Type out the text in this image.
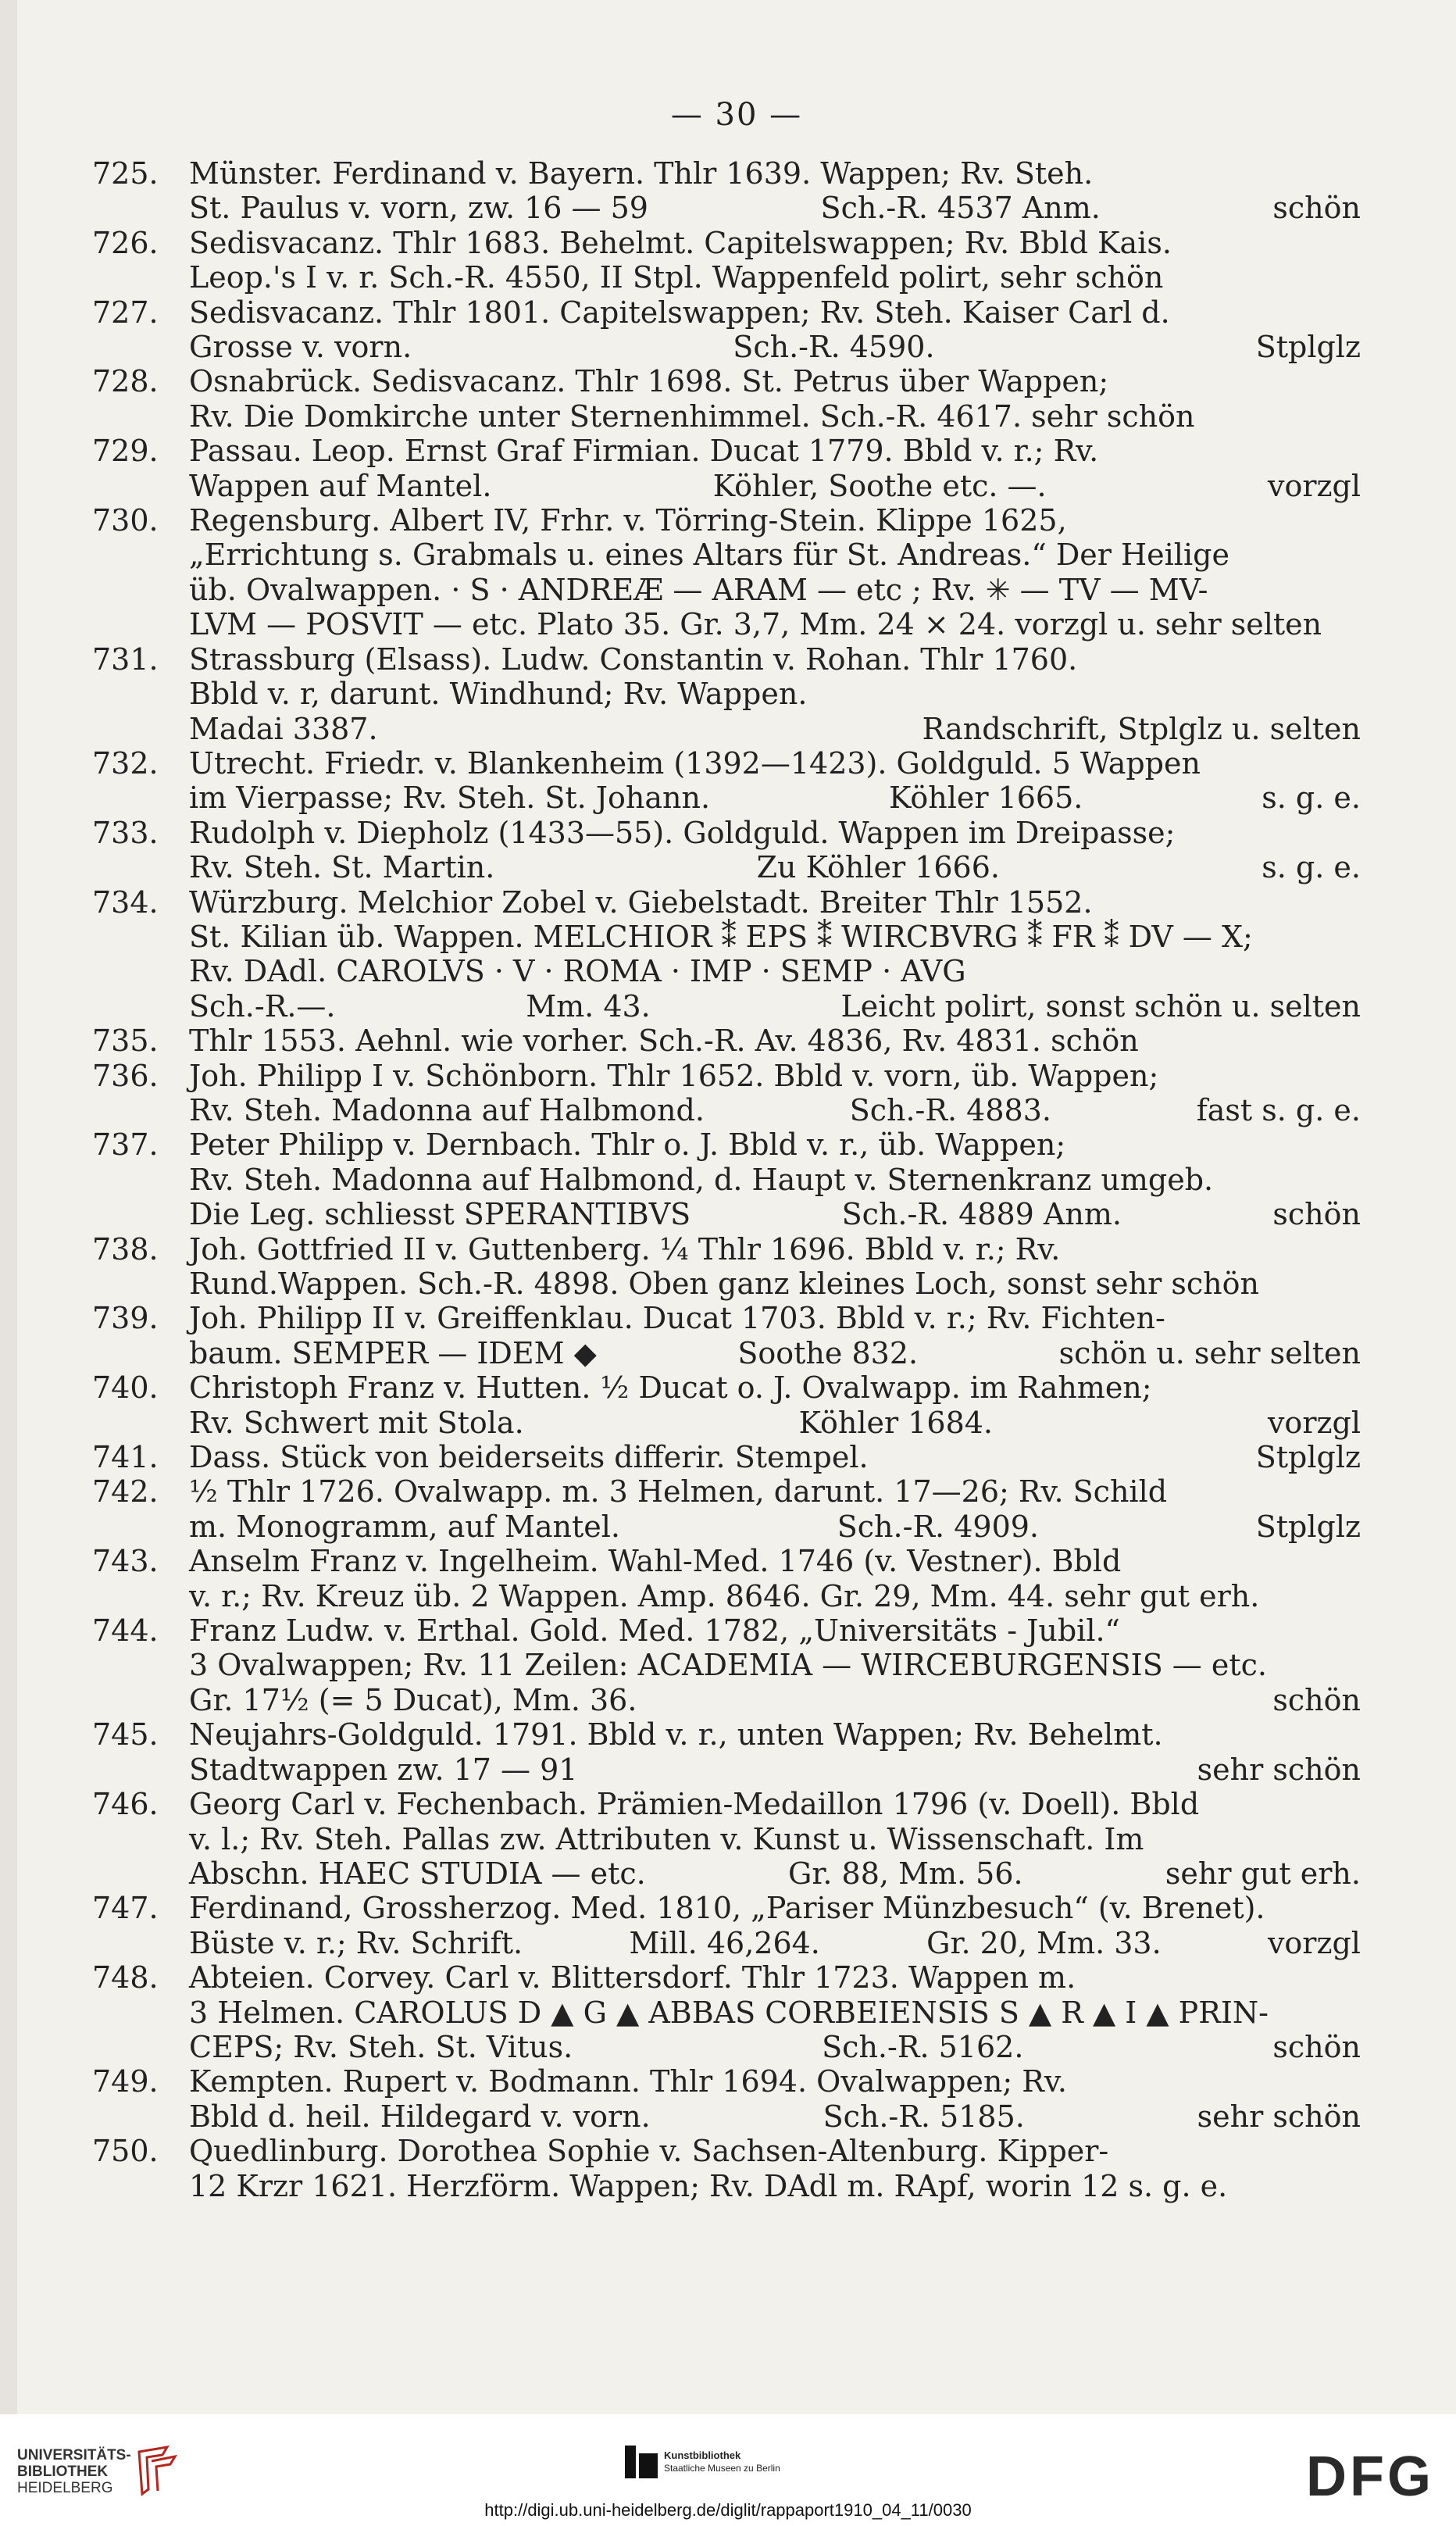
— 30 —
725.	Münster. Ferdinand v. Bayern. Thlr 1639. Wappen; Rv. Steh.
St. Paulus v. vorn, zw. 16 — 59	Sch.-R. 4537 Anm.	schön
726.	Sedisvacanz. Thlr 1683. Behelmt. Capitelswappen; Rv. Bbld Kais.
Leop.'s I v. r. Sch.-R. 4550, II Stpl. Wappenfeld polirt, sehr schön
727.	Sedisvacanz. Thlr 1801. Capitelswappen; Rv. Steh. Kaiser Carl d.
Grosse v. vorn.	Sch.-R. 4590.	Stplglz
728.	Osnabrück. Sedisvacanz. Thlr 1698. St. Petrus über Wappen;
Rv. Die Domkirche unter Sternenhimmel. Sch.-R. 4617. sehr schön
729.	Passau. Leop. Ernst Graf Firmian. Ducat 1779. Bbld v. r.; Rv.
Wappen auf Mantel.	Köhler, Soothe etc. —.	vorzgl
730.	Regensburg. Albert IV, Frhr. v. Törring-Stein. Klippe 1625,
„Errichtung s. Grabmals u. eines Altars für St. Andreas.“ Der Heilige
üb. Ovalwappen. · S · ANDREÆ — ARAM — etc ; Rv. ✳ — TV — MV-
LVM — POSVIT — etc. Plato 35. Gr. 3,7, Mm. 24 × 24. vorzgl u. sehr selten
731.	Strassburg (Elsass). Ludw. Constantin v. Rohan. Thlr 1760.
Bbld v. r, darunt. Windhund; Rv. Wappen.
Madai 3387.	Randschrift, Stplglz u. selten
732.	Utrecht. Friedr. v. Blankenheim (1392—1423). Goldguld. 5 Wappen
im Vierpasse; Rv. Steh. St. Johann.	Köhler 1665.	s. g. e.
733.	Rudolph v. Diepholz (1433—55). Goldguld. Wappen im Dreipasse;
Rv. Steh. St. Martin.	Zu Köhler 1666.	s. g. e.
734.	Würzburg. Melchior Zobel v. Giebelstadt. Breiter Thlr 1552.
St. Kilian üb. Wappen. MELCHIOR ⁑ EPS ⁑ WIRCBVRG ⁑ FR ⁑ DV — X;
Rv. DAdl. CAROLVS · V · ROMA · IMP · SEMP · AVG
Sch.-R.—.	Mm. 43.	Leicht polirt, sonst schön u. selten
735.	Thlr 1553. Aehnl. wie vorher. Sch.-R. Av. 4836, Rv. 4831. schön
736.	Joh. Philipp I v. Schönborn. Thlr 1652. Bbld v. vorn, üb. Wappen;
Rv. Steh. Madonna auf Halbmond.	Sch.-R. 4883.	fast s. g. e.
737.	Peter Philipp v. Dernbach. Thlr o. J. Bbld v. r., üb. Wappen;
Rv. Steh. Madonna auf Halbmond, d. Haupt v. Sternenkranz umgeb.
Die Leg. schliesst SPERANTIBVS	Sch.-R. 4889 Anm.	schön
738.	Joh. Gottfried II v. Guttenberg. ¼ Thlr 1696. Bbld v. r.; Rv.
Rund.Wappen. Sch.-R. 4898. Oben ganz kleines Loch, sonst sehr schön
739.	Joh. Philipp II v. Greiffenklau. Ducat 1703. Bbld v. r.; Rv. Fichten-
baum. SEMPER — IDEM ◆	Soothe 832.	schön u. sehr selten
740.	Christoph Franz v. Hutten. ½ Ducat o. J. Ovalwapp. im Rahmen;
Rv. Schwert mit Stola.	Köhler 1684.	vorzgl
741.	Dass. Stück von beiderseits differir. Stempel.	Stplglz
742.	½ Thlr 1726. Ovalwapp. m. 3 Helmen, darunt. 17—26; Rv. Schild
m. Monogramm, auf Mantel.	Sch.-R. 4909.	Stplglz
743.	Anselm Franz v. Ingelheim. Wahl-Med. 1746 (v. Vestner). Bbld
v. r.; Rv. Kreuz üb. 2 Wappen. Amp. 8646. Gr. 29, Mm. 44. sehr gut erh.
744.	Franz Ludw. v. Erthal. Gold. Med. 1782, „Universitäts - Jubil.“
3 Ovalwappen; Rv. 11 Zeilen: ACADEMIA — WIRCEBURGENSIS — etc.
Gr. 17½ (= 5 Ducat), Mm. 36.	schön
745.	Neujahrs-Goldguld. 1791. Bbld v. r., unten Wappen; Rv. Behelmt.
Stadtwappen zw. 17 — 91	sehr schön
746.	Georg Carl v. Fechenbach. Prämien-Medaillon 1796 (v. Doell). Bbld
v. l.; Rv. Steh. Pallas zw. Attributen v. Kunst u. Wissenschaft. Im
Abschn. HAEC STUDIA — etc.	Gr. 88, Mm. 56.	sehr gut erh.
747.	Ferdinand, Grossherzog. Med. 1810, „Pariser Münzbesuch“ (v. Brenet).
Büste v. r.; Rv. Schrift.	Mill. 46,264.	Gr. 20, Mm. 33.	vorzgl
748.	Abteien. Corvey. Carl v. Blittersdorf. Thlr 1723. Wappen m.
3 Helmen. CAROLUS D ▲ G ▲ ABBAS CORBEIENSIS S ▲ R ▲ I ▲ PRIN-
CEPS; Rv. Steh. St. Vitus.	Sch.-R. 5162.	schön
749.	Kempten. Rupert v. Bodmann. Thlr 1694. Ovalwappen; Rv.
Bbld d. heil. Hildegard v. vorn.	Sch.-R. 5185.	sehr schön
750.	Quedlinburg. Dorothea Sophie v. Sachsen-Altenburg. Kipper-
12 Krzr 1621. Herzförm. Wappen; Rv. DAdl m. RApf, worin 12 s. g. e.
UNIVERSITÄTS-
BIBLIOTHEK
HEIDELBERG
Kunstbibliothek
Staatliche Museen zu Berlin	DFG
http://digi.ub.uni-heidelberg.de/diglit/rappaport1910_04_11/0030
